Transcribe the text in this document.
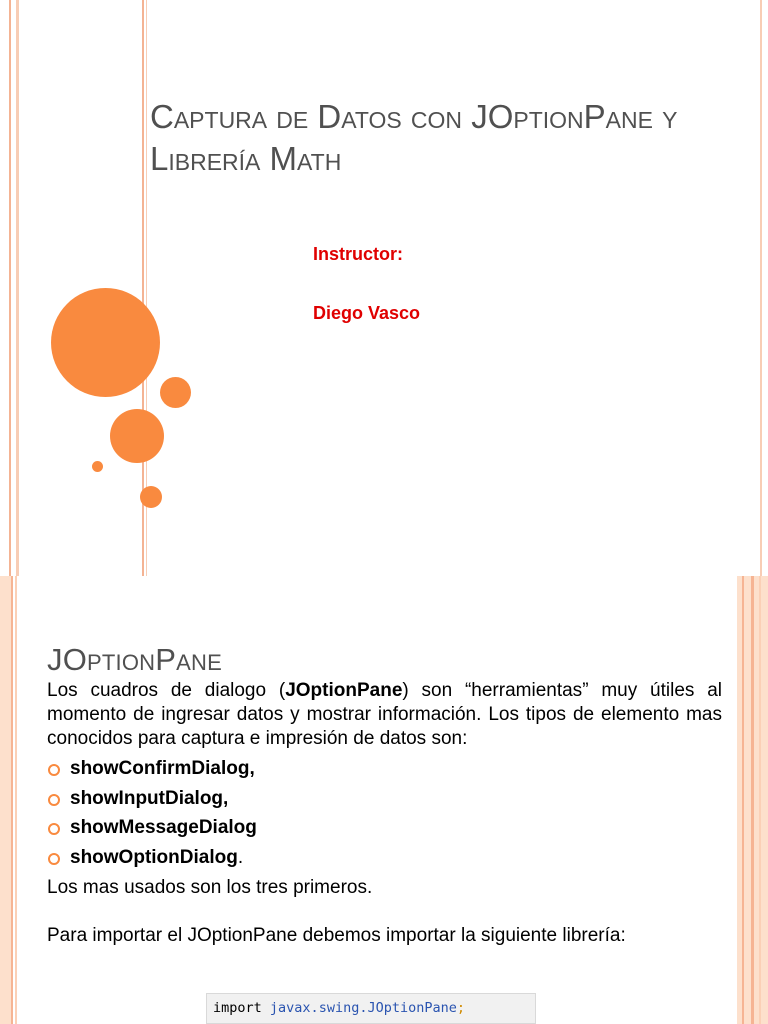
Captura de Datos con JOptionPane y
Librería Math
Instructor:
Diego Vasco
JOptionPane

Los cuadros de dialogo (JOptionPane) son “herramientas” muy útiles al momento de ingresar datos y mostrar información. Los tipos de elemento mas conocidos para captura e impresión de datos son:

showConfirmDialog,
showInputDialog,
showMessageDialog
showOptionDialog.

Los mas usados son los tres primeros.

Para importar el JOptionPane debemos importar la siguiente librería:

import javax.swing.JOptionPane;
